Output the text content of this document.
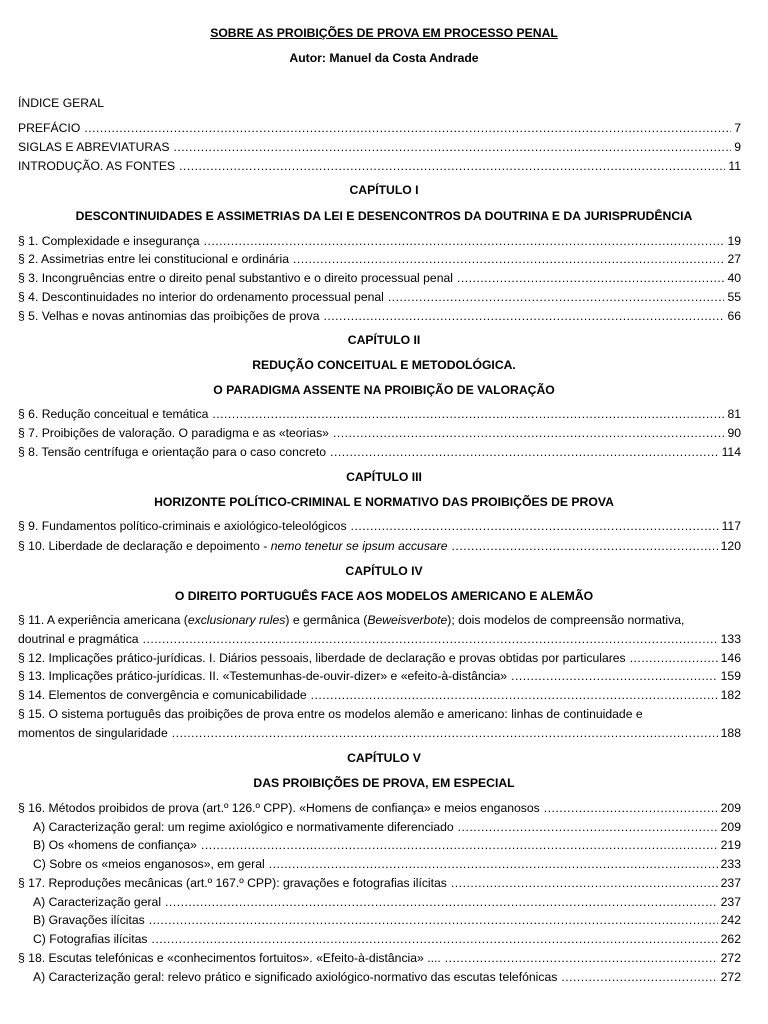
SOBRE AS PROIBIÇÕES DE PROVA EM PROCESSO PENAL
Autor: Manuel da Costa Andrade
ÍNDICE GERAL
PREFÁCIO .....	7
SIGLAS E ABREVIATURAS .....	9
INTRODUÇÃO. AS FONTES .....	11
CAPÍTULO I
DESCONTINUIDADES E ASSIMETRIAS DA LEI E DESENCONTROS DA DOUTRINA E DA JURISPRUDÊNCIA
§ 1. Complexidade e insegurança .....	19
§ 2. Assimetrias entre lei constitucional e ordinária .....	27
§ 3. Incongruências entre o direito penal substantivo e o direito processual penal .....	40
§ 4. Descontinuidades no interior do ordenamento processual penal .....	55
§ 5. Velhas e novas antinomias das proibições de prova .....	66
CAPÍTULO II
REDUÇÃO CONCEITUAL E METODOLÓGICA.
O PARADIGMA ASSENTE NA PROIBIÇÃO DE VALORAÇÃO
§ 6. Redução conceitual e temática .....	81
§ 7. Proibições de valoração. O paradigma e as «teorias» .....	90
§ 8. Tensão centrífuga e orientação para o caso concreto .....	114
CAPÍTULO III
HORIZONTE POLÍTICO-CRIMINAL E NORMATIVO DAS PROIBIÇÕES DE PROVA
§ 9. Fundamentos político-criminais e axiológico-teleológicos .....	117
§ 10. Liberdade de declaração e depoimento - nemo tenetur se ipsum accusare .....	120
CAPÍTULO IV
O DIREITO PORTUGUÊS FACE AOS MODELOS AMERICANO E ALEMÃO
§ 11. A experiência americana (exclusionary rules) e germânica (Beweisverbote); dois modelos de compreensão normativa,
doutrinal e pragmática .....	133
§ 12. Implicações prático-jurídicas. I. Diários pessoais, liberdade de declaração e provas obtidas por particulares .....	146
§ 13. Implicações prático-jurídicas. II. «Testemunhas-de-ouvir-dizer» e «efeito-à-distância» .....	159
§ 14. Elementos de convergência e comunicabilidade .....	182
§ 15. O sistema português das proibições de prova entre os modelos alemão e americano: linhas de continuidade e
momentos de singularidade .....	188
CAPÍTULO V
DAS PROIBIÇÕES DE PROVA, EM ESPECIAL
§ 16. Métodos proibidos de prova (art.º 126.º CPP). «Homens de confiança» e meios enganosos .....	209
A) Caracterização geral: um regime axiológico e normativamente diferenciado .....	209
B) Os «homens de confiança» .....	219
C) Sobre os «meios enganosos», em geral .....	233
§ 17. Reproduções mecânicas (art.º 167.º CPP): gravações e fotografias ilícitas .....	237
A) Caracterização geral .....	237
B) Gravações ilícitas .....	242
C) Fotografias ilícitas .....	262
§ 18. Escutas telefónicas e «conhecimentos fortuitos». «Efeito-à-distância» .... .....	272
A) Caracterização geral: relevo prático e significado axiológico-normativo das escutas telefónicas .....	272
